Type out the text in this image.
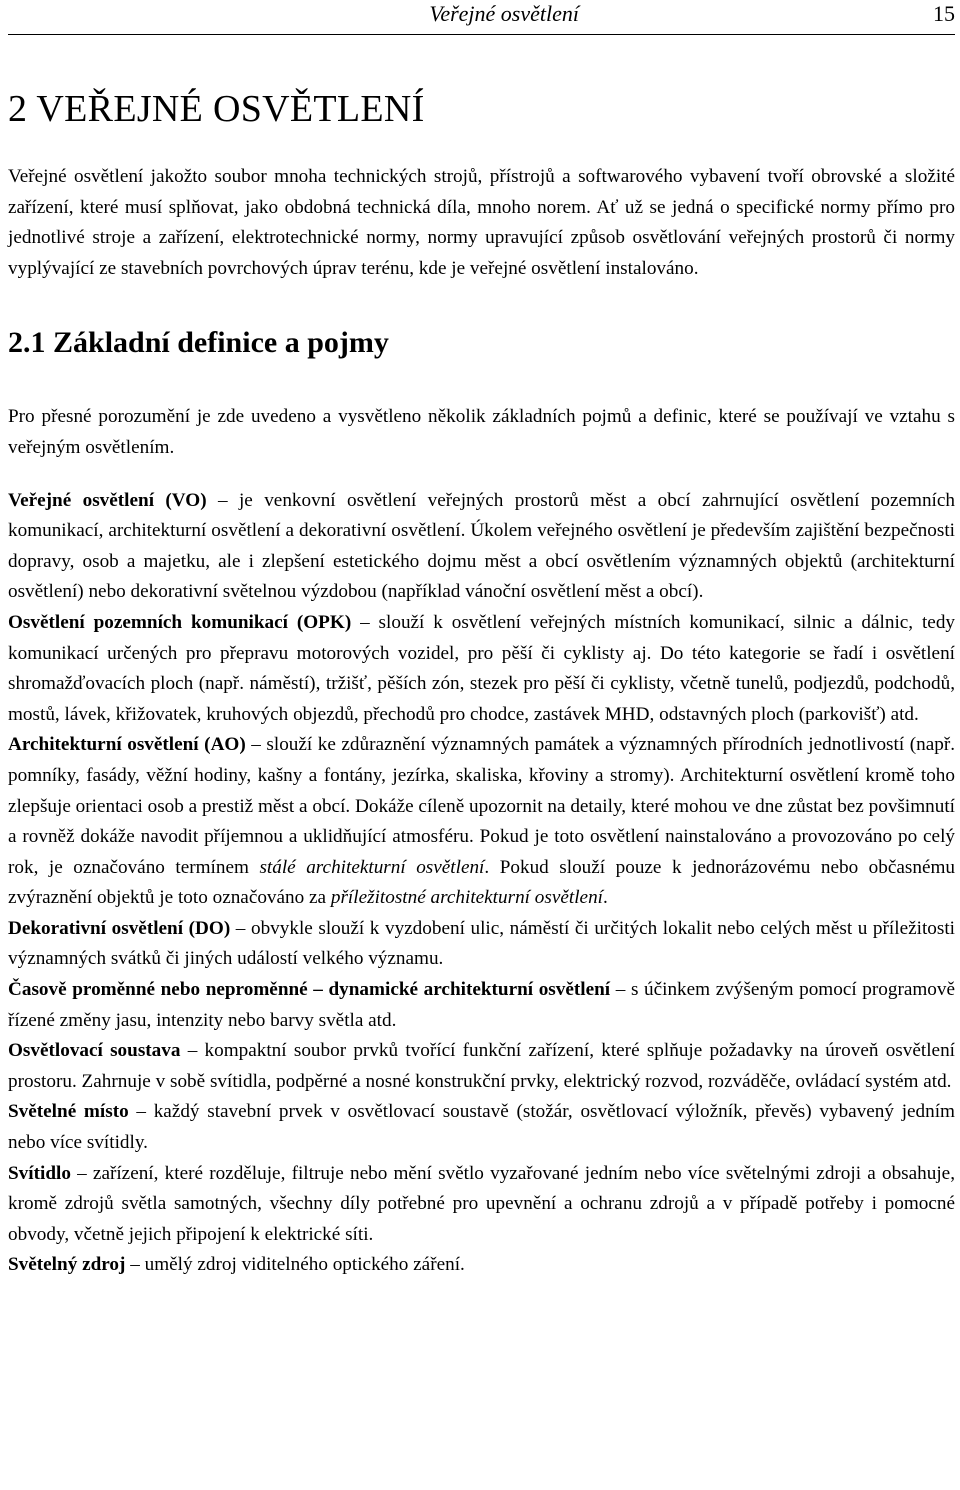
Veřejné osvětlení	15
2 VEŘEJNÉ OSVĚTLENÍ

Veřejné osvětlení jakožto soubor mnoha technických strojů, přístrojů a softwarového vybavení tvoří obrovské a složité zařízení, které musí splňovat, jako obdobná technická díla, mnoho norem. Ať už se jedná o specifické normy přímo pro jednotlivé stroje a zařízení, elektrotechnické normy, normy upravující způsob osvětlování veřejných prostorů či normy vyplývající ze stavebních povrchových úprav terénu, kde je veřejné osvětlení instalováno.

2.1 Základní definice a pojmy

Pro přesné porozumění je zde uvedeno a vysvětleno několik základních pojmů a definic, které se používají ve vztahu s veřejným osvětlením.

Veřejné osvětlení (VO) – je venkovní osvětlení veřejných prostorů měst a obcí zahrnující osvětlení pozemních komunikací, architekturní osvětlení a dekorativní osvětlení. Úkolem veřejného osvětlení je především zajištění bezpečnosti dopravy, osob a majetku, ale i zlepšení estetického dojmu měst a obcí osvětlením významných objektů (architekturní osvětlení) nebo dekorativní světelnou výzdobou (například vánoční osvětlení měst a obcí).

Osvětlení pozemních komunikací (OPK) – slouží k osvětlení veřejných místních komunikací, silnic a dálnic, tedy komunikací určených pro přepravu motorových vozidel, pro pěší či cyklisty aj. Do této kategorie se řadí i osvětlení shromažďovacích ploch (např. náměstí), tržišť, pěších zón, stezek pro pěší či cyklisty, včetně tunelů, podjezdů, podchodů, mostů, lávek, křižovatek, kruhových objezdů, přechodů pro chodce, zastávek MHD, odstavných ploch (parkovišť) atd.

Architekturní osvětlení (AO) – slouží ke zdůraznění významných památek a významných přírodních jednotlivostí (např. pomníky, fasády, věžní hodiny, kašny a fontány, jezírka, skaliska, křoviny a stromy). Architekturní osvětlení kromě toho zlepšuje orientaci osob a prestiž měst a obcí. Dokáže cíleně upozornit na detaily, které mohou ve dne zůstat bez povšimnutí a rovněž dokáže navodit příjemnou a uklidňující atmosféru. Pokud je toto osvětlení nainstalováno a provozováno po celý rok, je označováno termínem stálé architekturní osvětlení. Pokud slouží pouze k jednorázovému nebo občasnému zvýraznění objektů je toto označováno za příležitostné architekturní osvětlení.

Dekorativní osvětlení (DO) – obvykle slouží k vyzdobení ulic, náměstí či určitých lokalit nebo celých měst u příležitosti významných svátků či jiných událostí velkého významu.

Časově proměnné nebo neproměnné – dynamické architekturní osvětlení – s účinkem zvýšeným pomocí programově řízené změny jasu, intenzity nebo barvy světla atd.

Osvětlovací soustava – kompaktní soubor prvků tvořící funkční zařízení, které splňuje požadavky na úroveň osvětlení prostoru. Zahrnuje v sobě svítidla, podpěrné a nosné konstrukční prvky, elektrický rozvod, rozváděče, ovládací systém atd.

Světelné místo – každý stavební prvek v osvětlovací soustavě (stožár, osvětlovací výložník, převěs) vybavený jedním nebo více svítidly.

Svítidlo – zařízení, které rozděluje, filtruje nebo mění světlo vyzařované jedním nebo více světelnými zdroji a obsahuje, kromě zdrojů světla samotných, všechny díly potřebné pro upevnění a ochranu zdrojů a v případě potřeby i pomocné obvody, včetně jejich připojení k elektrické síti.

Světelný zdroj – umělý zdroj viditelného optického záření.
